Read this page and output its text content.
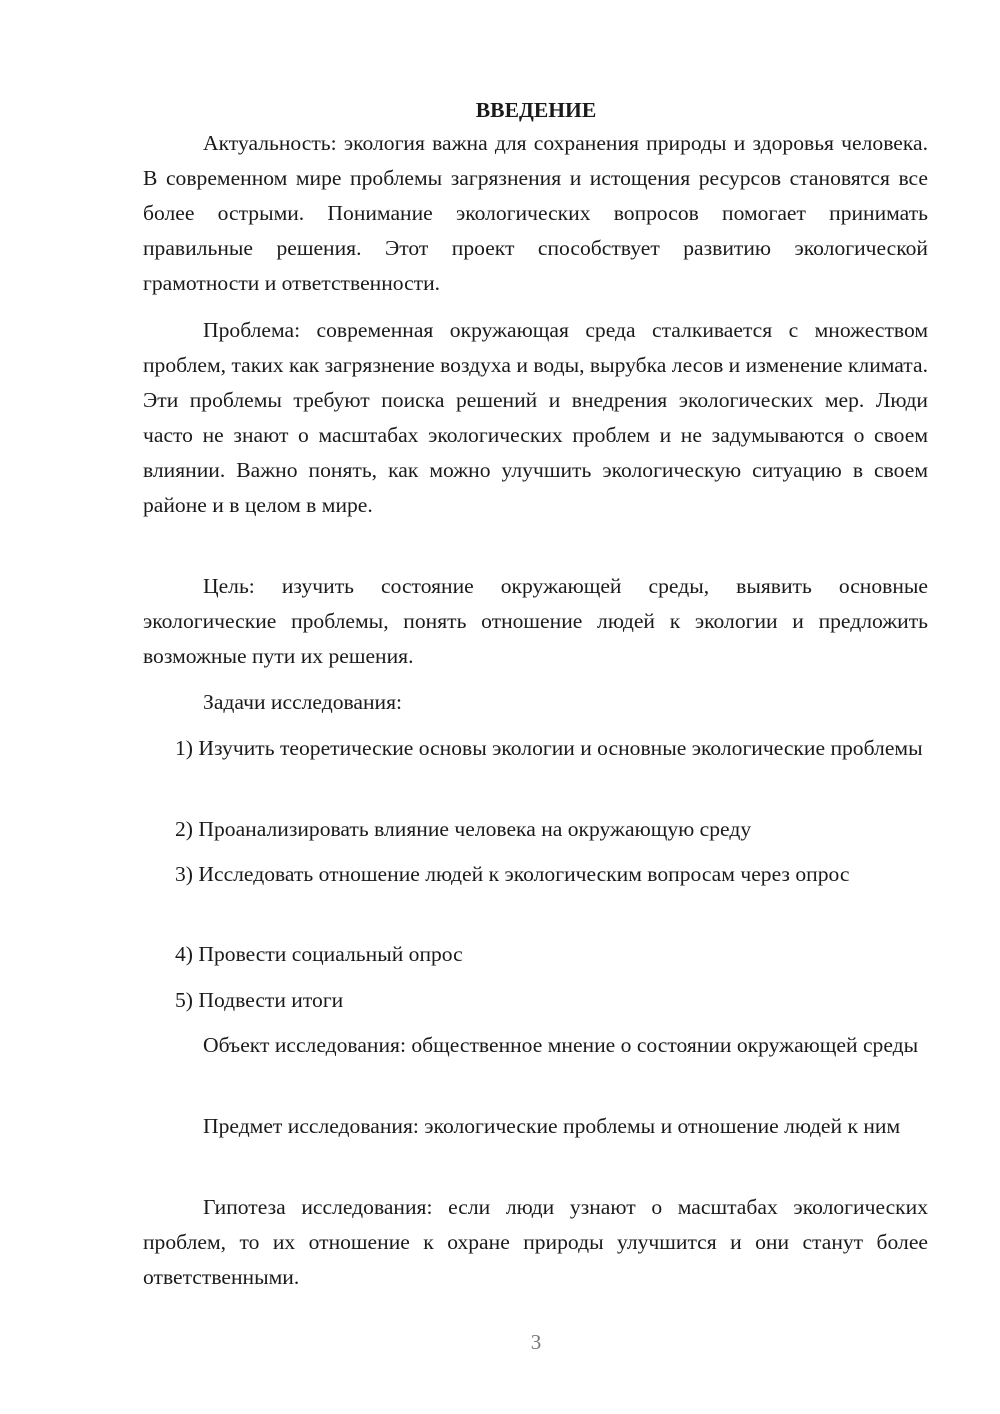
ВВЕДЕНИЕ

Актуальность: экология важна для сохранения природы и здоровья человека. В современном мире проблемы загрязнения и истощения ресурсов становятся все более острыми. Понимание экологических вопросов помогает принимать правильные решения. Этот проект способствует развитию экологической грамотности и ответственности.

Проблема: современная окружающая среда сталкивается с множеством проблем, таких как загрязнение воздуха и воды, вырубка лесов и изменение климата. Эти проблемы требуют поиска решений и внедрения экологических мер. Люди часто не знают о масштабах экологических проблем и не задумываются о своем влиянии. Важно понять, как можно улучшить экологическую ситуацию в своем районе и в целом в мире.

Цель: изучить состояние окружающей среды, выявить основные экологические проблемы, понять отношение людей к экологии и предложить возможные пути их решения.

Задачи исследования:

1) Изучить теоретические основы экологии и основные экологические проблемы

2) Проанализировать влияние человека на окружающую среду

3) Исследовать отношение людей к экологическим вопросам через опрос

4) Провести социальный опрос

5) Подвести итоги

Объект исследования: общественное мнение о состоянии окружающей среды

Предмет исследования: экологические проблемы и отношение людей к ним

Гипотеза исследования: если люди узнают о масштабах экологических проблем, то их отношение к охране природы улучшится и они станут более ответственными.

3
